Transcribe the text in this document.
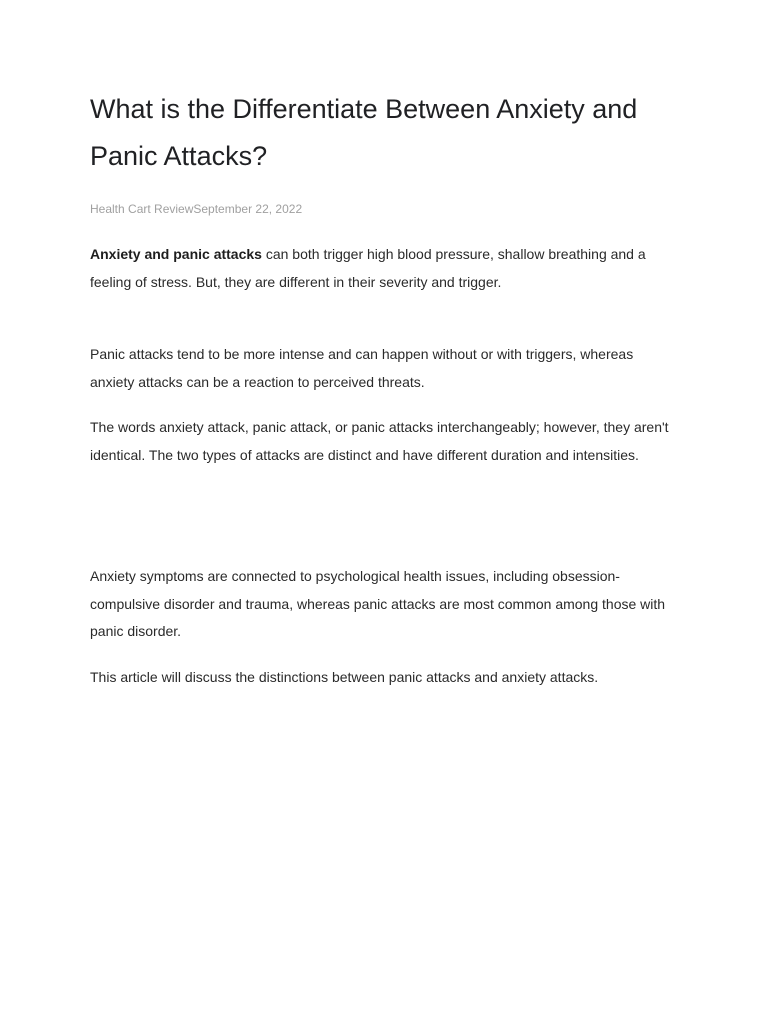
What is the Differentiate Between Anxiety and Panic Attacks?
Health Cart ReviewSeptember 22, 2022

Anxiety and panic attacks can both trigger high blood pressure, shallow breathing and a feeling of stress. But, they are different in their severity and trigger.

Panic attacks tend to be more intense and can happen without or with triggers, whereas anxiety attacks can be a reaction to perceived threats.

The words anxiety attack, panic attack, or panic attacks interchangeably; however, they aren't identical. The two types of attacks are distinct and have different duration and intensities.

Anxiety symptoms are connected to psychological health issues, including obsession-compulsive disorder and trauma, whereas panic attacks are most common among those with panic disorder.

This article will discuss the distinctions between panic attacks and anxiety attacks.
